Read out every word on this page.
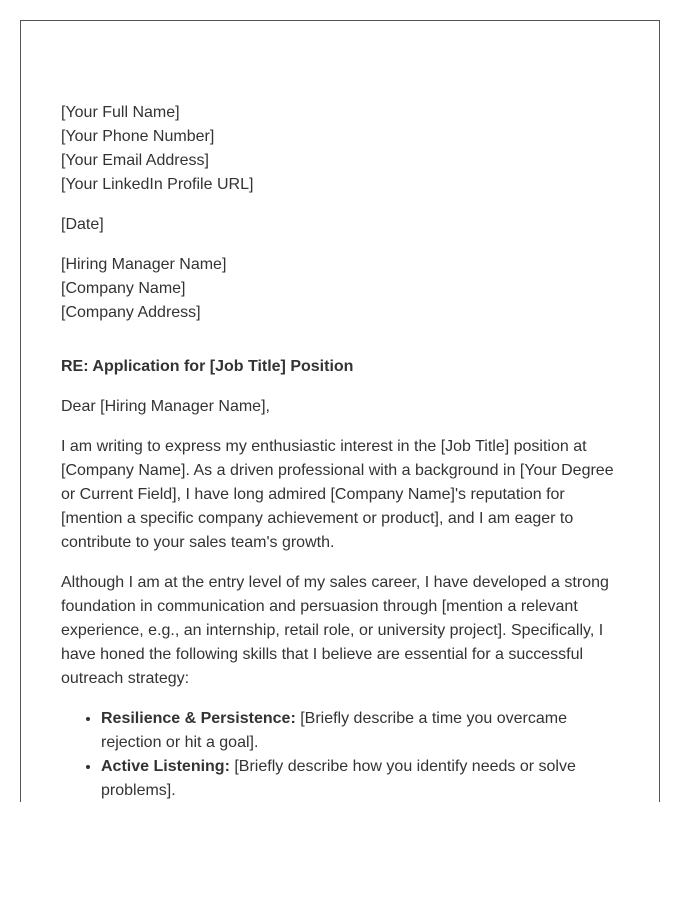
[Your Full Name]
[Your Phone Number]
[Your Email Address]
[Your LinkedIn Profile URL]
[Date]
[Hiring Manager Name]
[Company Name]
[Company Address]
RE: Application for [Job Title] Position

Dear [Hiring Manager Name],

I am writing to express my enthusiastic interest in the [Job Title] position at [Company Name]. As a driven professional with a background in [Your Degree or Current Field], I have long admired [Company Name]'s reputation for [mention a specific company achievement or product], and I am eager to contribute to your sales team's growth.

Although I am at the entry level of my sales career, I have developed a strong foundation in communication and persuasion through [mention a relevant experience, e.g., an internship, retail role, or university project]. Specifically, I have honed the following skills that I believe are essential for a successful outreach strategy:

• Resilience & Persistence: [Briefly describe a time you overcame rejection or hit a goal].
• Active Listening: [Briefly describe how you identify needs or solve problems].
